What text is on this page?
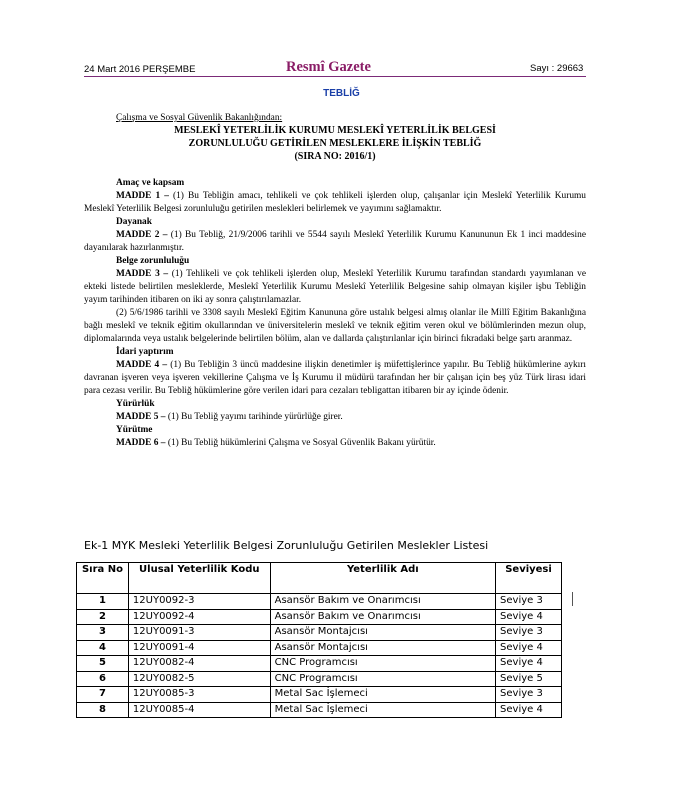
24 Mart 2016 PERŞEMBE	Resmî Gazete	Sayı : 29663
TEBLİĞ
Çalışma ve Sosyal Güvenlik Bakanlığından:
MESLEKÎ YETERLİLİK KURUMU MESLEKÎ YETERLİLİK BELGESİ
ZORUNLULUĞU GETİRİLEN MESLEKLERE İLİŞKİN TEBLİĞ
(SIRA NO: 2016/1)

Amaç ve kapsam

MADDE 1 – (1) Bu Tebliğin amacı, tehlikeli ve çok tehlikeli işlerden olup, çalışanlar için Meslekî Yeterlilik Kurumu Meslekî Yeterlilik Belgesi zorunluluğu getirilen meslekleri belirlemek ve yayımını sağlamaktır.

Dayanak

MADDE 2 – (1) Bu Tebliğ, 21/9/2006 tarihli ve 5544 sayılı Meslekî Yeterlilik Kurumu Kanununun Ek 1 inci maddesine dayanılarak hazırlanmıştır.

Belge zorunluluğu

MADDE 3 – (1) Tehlikeli ve çok tehlikeli işlerden olup, Meslekî Yeterlilik Kurumu tarafından standardı yayımlanan ve ekteki listede belirtilen mesleklerde, Meslekî Yeterlilik Kurumu Meslekî Yeterlilik Belgesine sahip olmayan kişiler işbu Tebliğin yayım tarihinden itibaren on iki ay sonra çalıştırılamazlar.

(2) 5/6/1986 tarihli ve 3308 sayılı Meslekî Eğitim Kanununa göre ustalık belgesi almış olanlar ile Millî Eğitim Bakanlığına bağlı meslekî ve teknik eğitim okullarından ve üniversitelerin meslekî ve teknik eğitim veren okul ve bölümlerinden mezun olup, diplomalarında veya ustalık belgelerinde belirtilen bölüm, alan ve dallarda çalıştırılanlar için birinci fıkradaki belge şartı aranmaz.

İdari yaptırım

MADDE 4 – (1) Bu Tebliğin 3 üncü maddesine ilişkin denetimler iş müfettişlerince yapılır. Bu Tebliğ hükümlerine aykırı davranan işveren veya işveren vekillerine Çalışma ve İş Kurumu il müdürü tarafından her bir çalışan için beş yüz Türk lirası idari para cezası verilir. Bu Tebliğ hükümlerine göre verilen idari para cezaları tebligattan itibaren bir ay içinde ödenir.

Yürürlük

MADDE 5 – (1) Bu Tebliğ yayımı tarihinde yürürlüğe girer.

Yürütme

MADDE 6 – (1) Bu Tebliğ hükümlerini Çalışma ve Sosyal Güvenlik Bakanı yürütür.

Ek-1 MYK Mesleki Yeterlilik Belgesi Zorunluluğu Getirilen Meslekler Listesi
Sıra No	Ulusal Yeterlilik Kodu	Yeterlilik Adı	Seviyesi
1	12UY0092-3	Asansör Bakım ve Onarımcısı	Seviye 3
2	12UY0092-4	Asansör Bakım ve Onarımcısı	Seviye 4
3	12UY0091-3	Asansör Montajcısı	Seviye 3
4	12UY0091-4	Asansör Montajcısı	Seviye 4
5	12UY0082-4	CNC Programcısı	Seviye 4
6	12UY0082-5	CNC Programcısı	Seviye 5
7	12UY0085-3	Metal Sac İşlemeci	Seviye 3
8	12UY0085-4	Metal Sac İşlemeci	Seviye 4
